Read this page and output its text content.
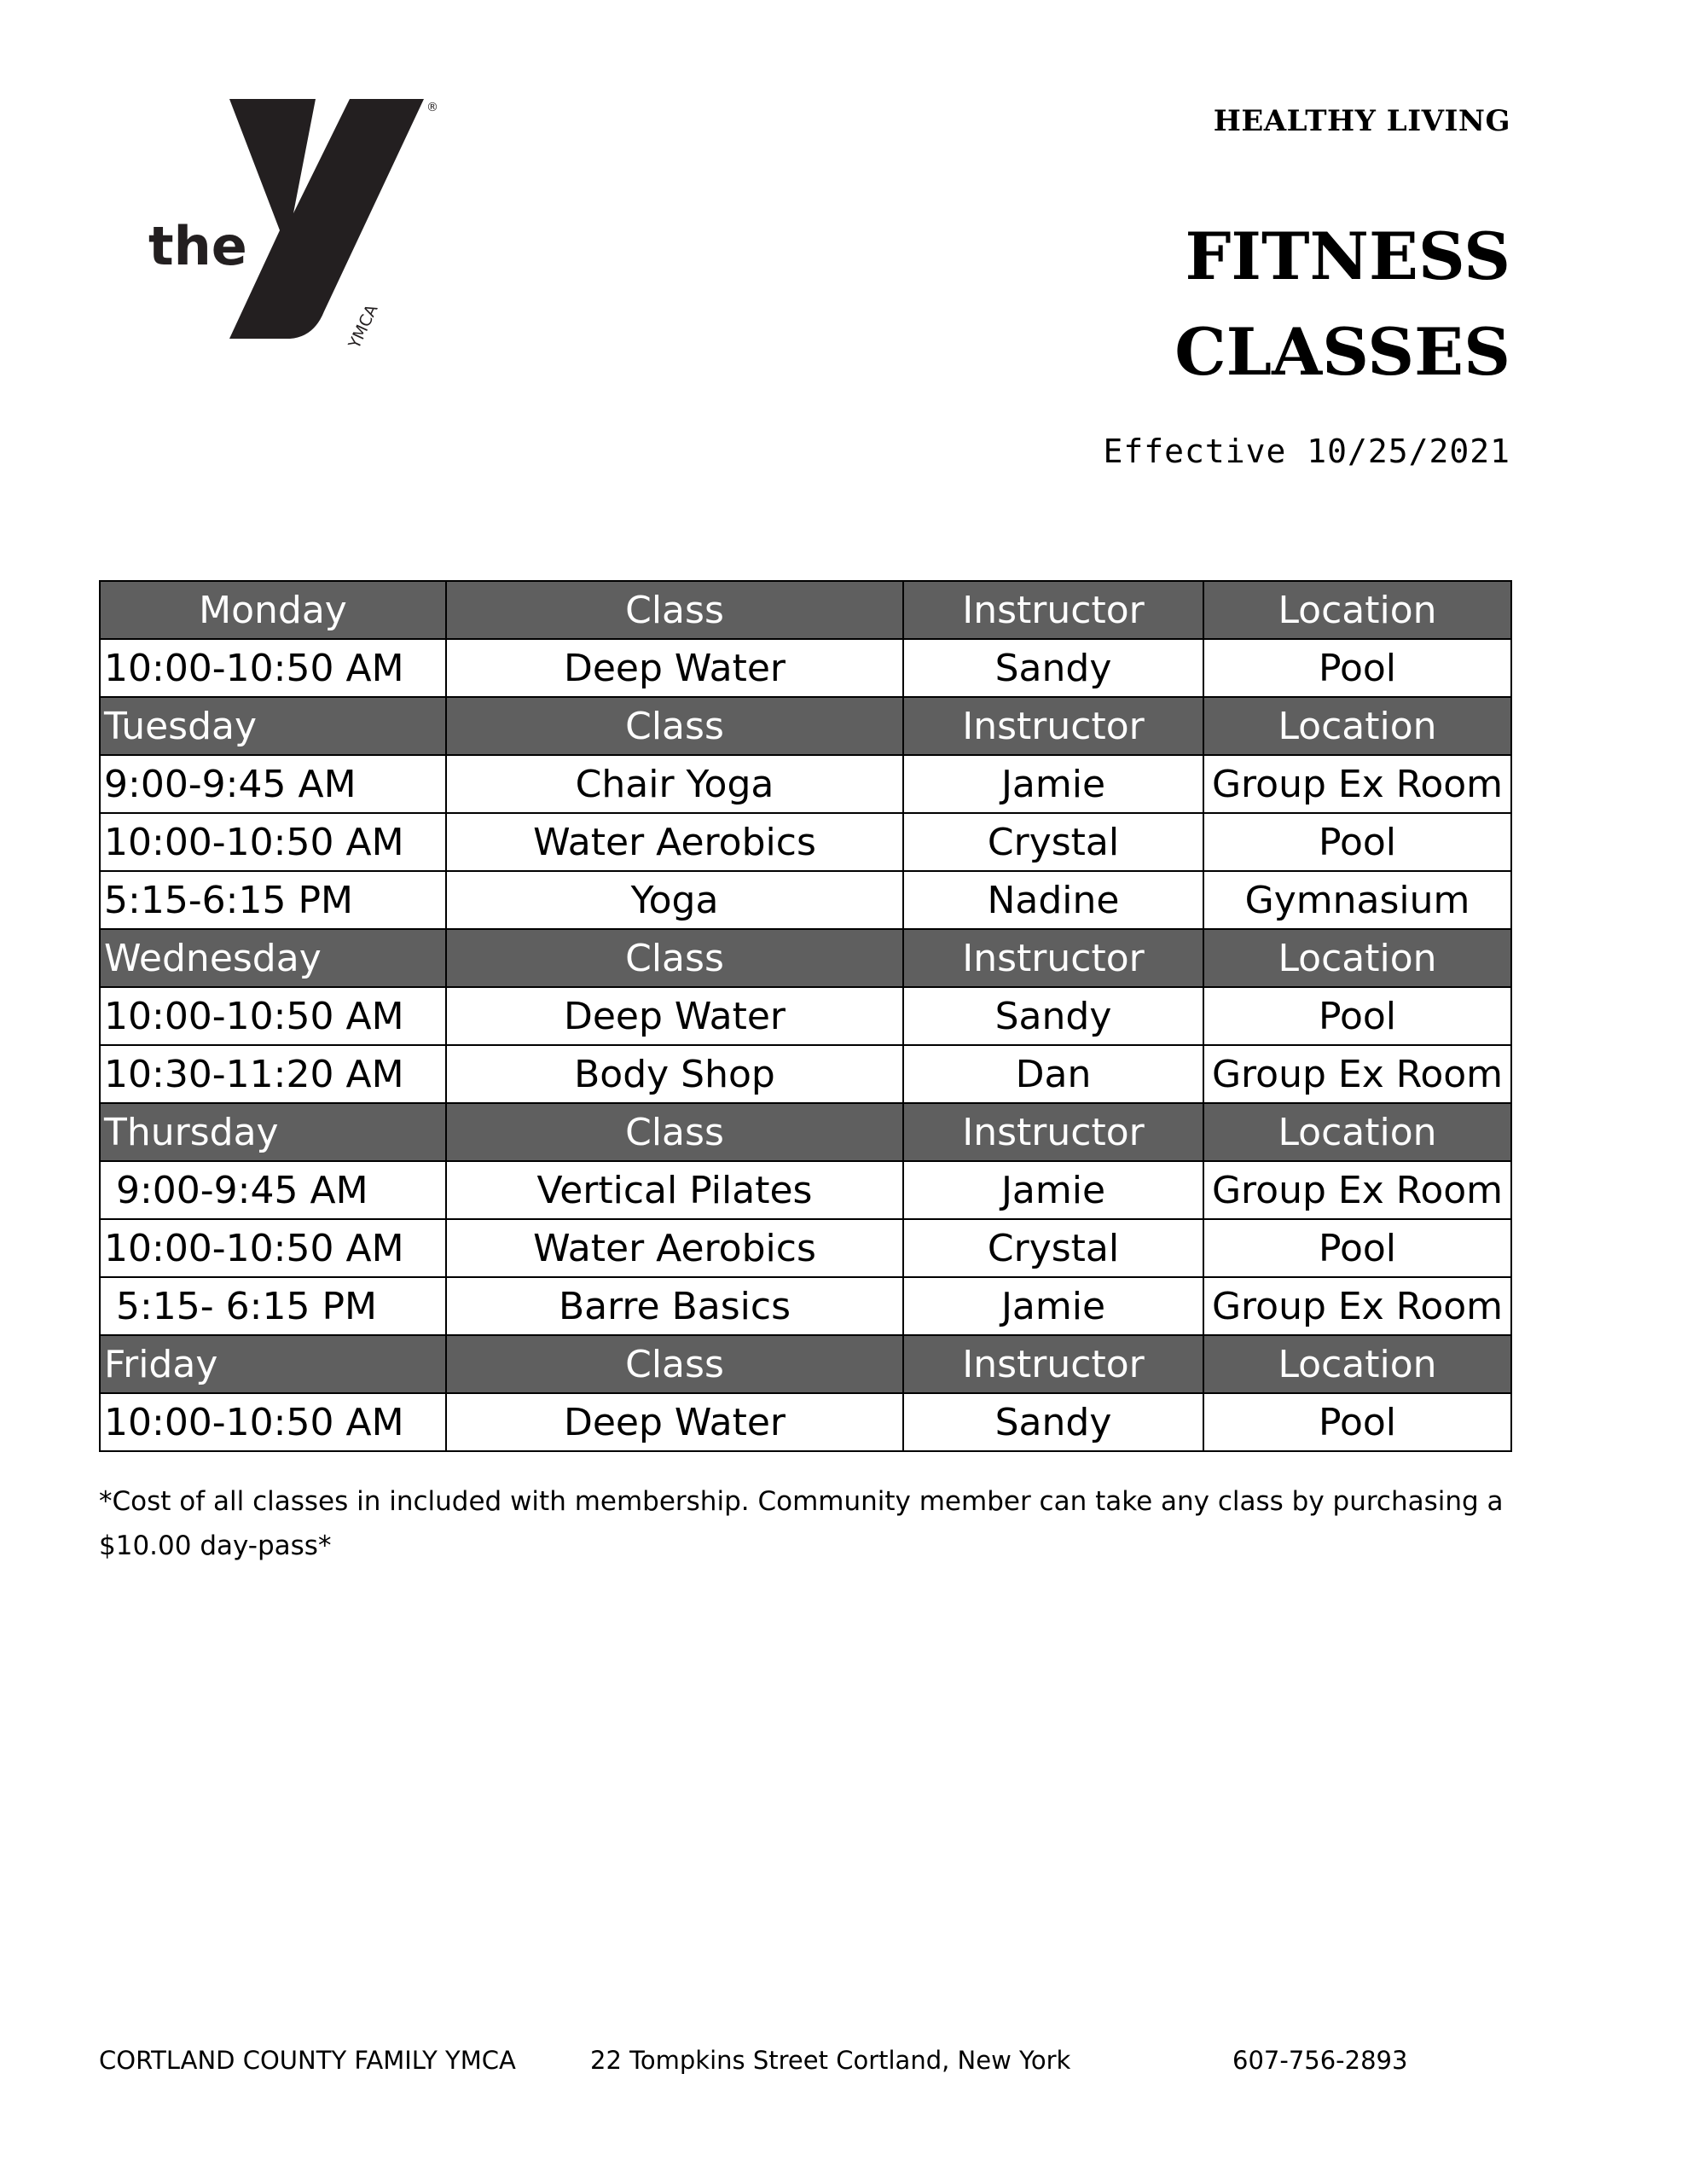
the
YMCA
®	HEALTHY LIVING
FITNESS
CLASSES
Effective 10/25/2021
Monday	Class	Instructor	Location
10:00-10:50 AM	Deep Water	Sandy	Pool
Tuesday	Class	Instructor	Location
9:00-9:45 AM	Chair Yoga	Jamie	Group Ex Room
10:00-10:50 AM	Water Aerobics	Crystal	Pool
5:15-6:15 PM	Yoga	Nadine	Gymnasium
Wednesday	Class	Instructor	Location
10:00-10:50 AM	Deep Water	Sandy	Pool
10:30-11:20 AM	Body Shop	Dan	Group Ex Room
Thursday	Class	Instructor	Location
9:00-9:45 AM	Vertical Pilates	Jamie	Group Ex Room
10:00-10:50 AM	Water Aerobics	Crystal	Pool
5:15- 6:15 PM	Barre Basics	Jamie	Group Ex Room
Friday	Class	Instructor	Location
10:00-10:50 AM	Deep Water	Sandy	Pool
*Cost of all classes in included with membership. Community member can take any class by purchasing a $10.00 day-pass*
CORTLAND COUNTY FAMILY YMCA	22 Tompkins Street Cortland, New York	607-756-2893
